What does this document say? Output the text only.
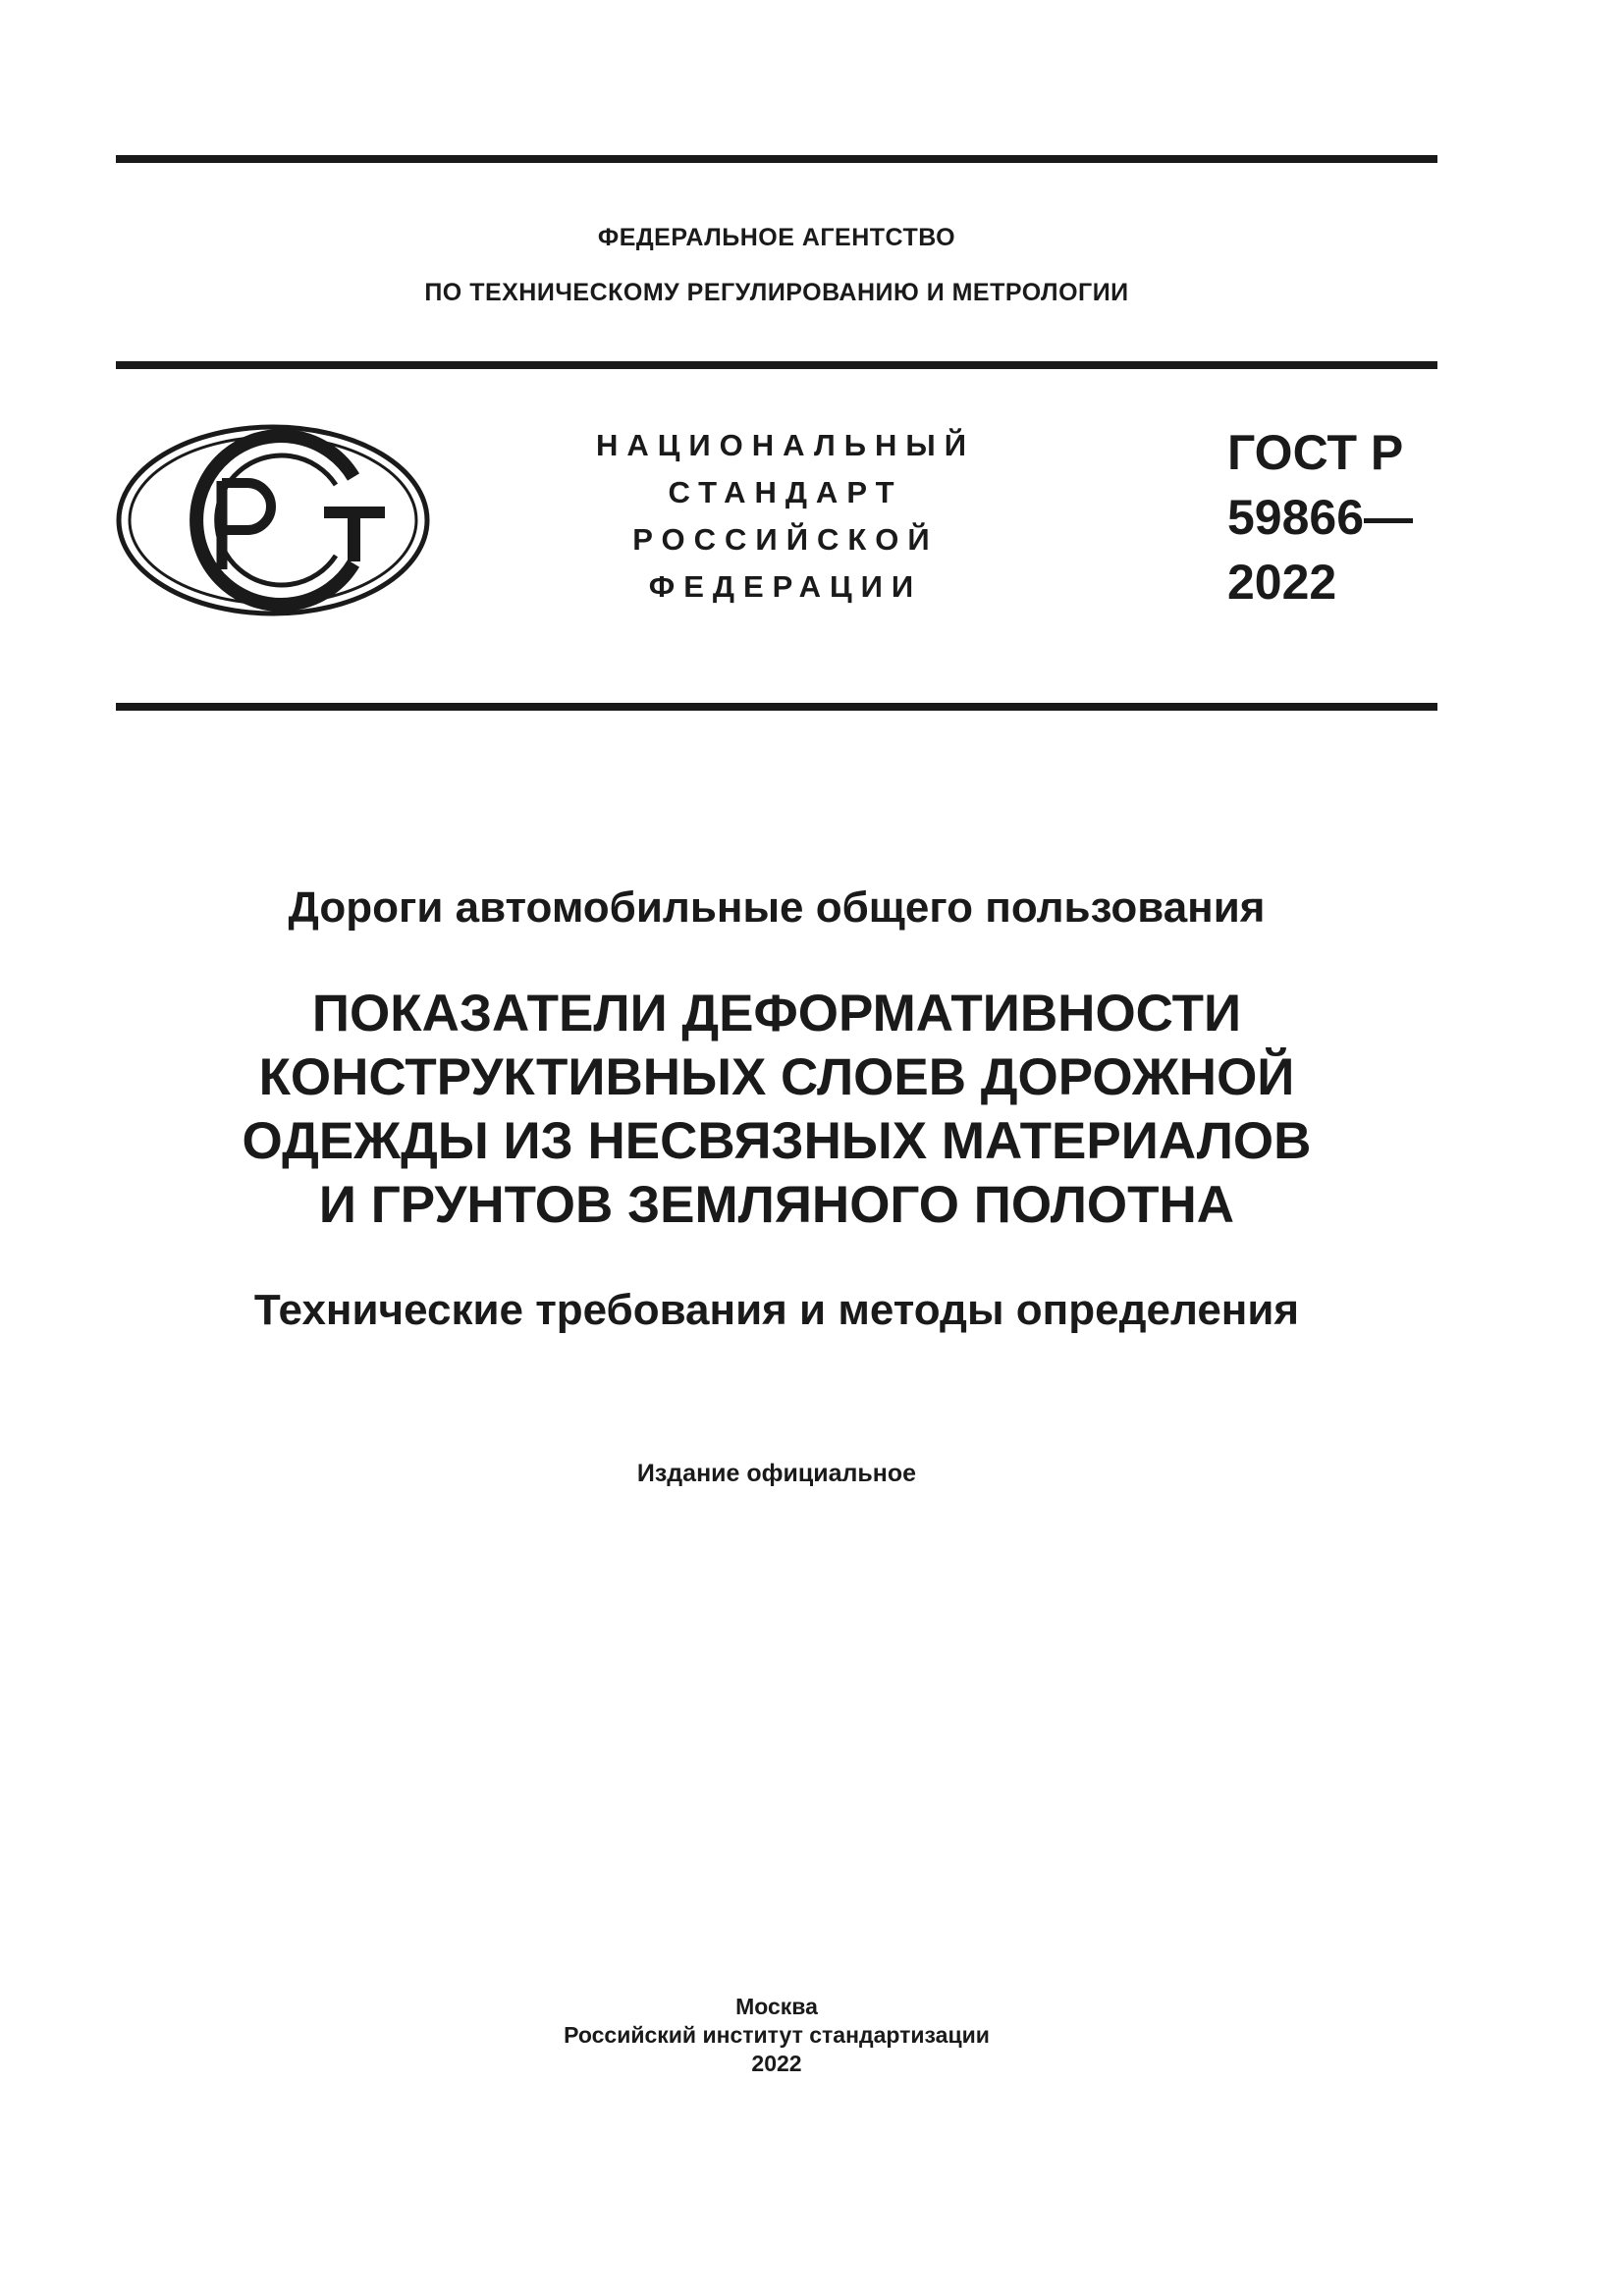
ФЕДЕРАЛЬНОЕ АГЕНТСТВО
ПО ТЕХНИЧЕСКОМУ РЕГУЛИРОВАНИЮ И МЕТРОЛОГИИ
НАЦИОНАЛЬНЫЙ
СТАНДАРТ
РОССИЙСКОЙ
ФЕДЕРАЦИИ
ГОСТ Р
59866—
2022
Дороги автомобильные общего пользования
ПОКАЗАТЕЛИ ДЕФОРМАТИВНОСТИ
КОНСТРУКТИВНЫХ СЛОЕВ ДОРОЖНОЙ
ОДЕЖДЫ ИЗ НЕСВЯЗНЫХ МАТЕРИАЛОВ
И ГРУНТОВ ЗЕМЛЯНОГО ПОЛОТНА
Технические требования и методы определения
Издание официальное
Москва
Российский институт стандартизации
2022
